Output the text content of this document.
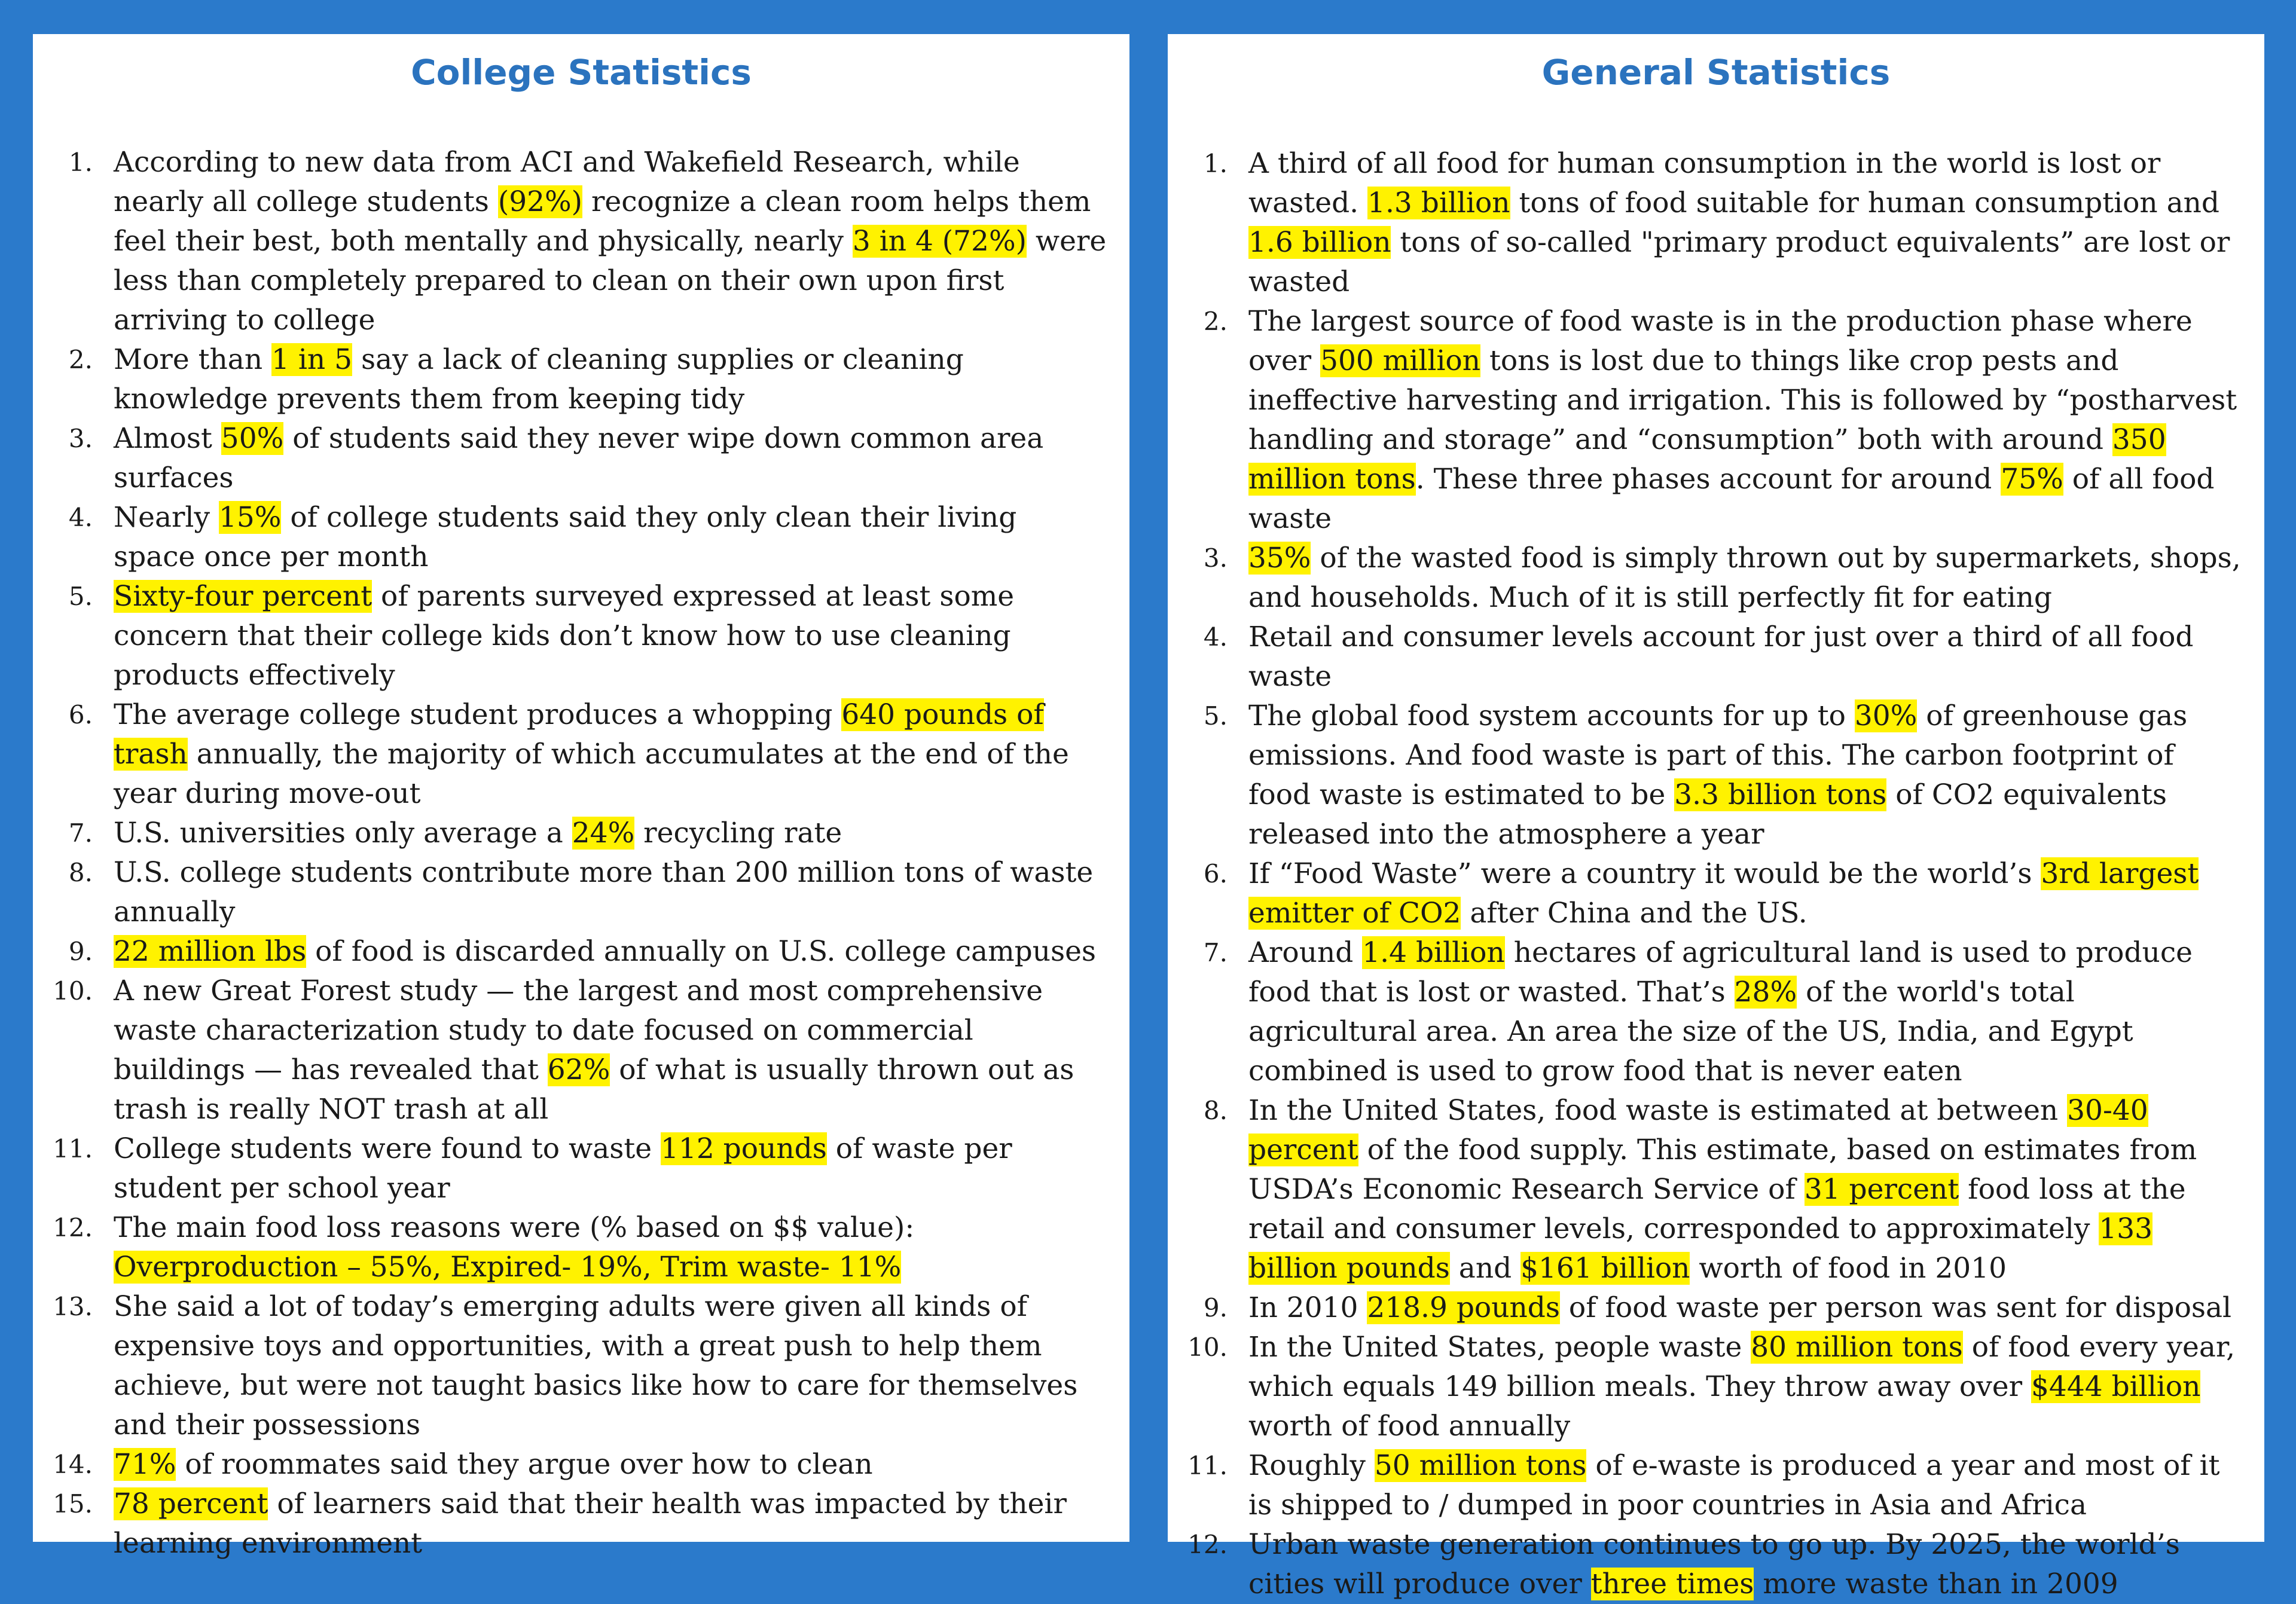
College Statistics
1. According to new data from ACI and Wakefield Research, while nearly all college students (92%) recognize a clean room helps them feel their best, both mentally and physically, nearly 3 in 4 (72%) were less than completely prepared to clean on their own upon first arriving to college
2. More than 1 in 5 say a lack of cleaning supplies or cleaning knowledge prevents them from keeping tidy
3. Almost 50% of students said they never wipe down common area surfaces
4. Nearly 15% of college students said they only clean their living space once per month
5. Sixty-four percent of parents surveyed expressed at least some concern that their college kids don’t know how to use cleaning products effectively
6. The average college student produces a whopping 640 pounds of trash annually, the majority of which accumulates at the end of the year during move-out
7. U.S. universities only average a 24% recycling rate
8. U.S. college students contribute more than 200 million tons of waste annually
9. 22 million lbs of food is discarded annually on U.S. college campuses
10. A new Great Forest study — the largest and most comprehensive waste characterization study to date focused on commercial buildings — has revealed that 62% of what is usually thrown out as trash is really NOT trash at all
11. College students were found to waste 112 pounds of waste per student per school year
12. The main food loss reasons were (% based on $$ value): Overproduction – 55%, Expired- 19%, Trim waste- 11%
13. She said a lot of today’s emerging adults were given all kinds of expensive toys and opportunities, with a great push to help them achieve, but were not taught basics like how to care for themselves and their possessions
14. 71% of roommates said they argue over how to clean
15. 78 percent of learners said that their health was impacted by their learning environment
General Statistics
1. A third of all food for human consumption in the world is lost or wasted. 1.3 billion tons of food suitable for human consumption and 1.6 billion tons of so-called "primary product equivalents” are lost or wasted
2. The largest source of food waste is in the production phase where over 500 million tons is lost due to things like crop pests and ineffective harvesting and irrigation. This is followed by “postharvest handling and storage” and “consumption” both with around 350 million tons. These three phases account for around 75% of all food waste
3. 35% of the wasted food is simply thrown out by supermarkets, shops, and households. Much of it is still perfectly fit for eating
4. Retail and consumer levels account for just over a third of all food waste
5. The global food system accounts for up to 30% of greenhouse gas emissions. And food waste is part of this. The carbon footprint of food waste is estimated to be 3.3 billion tons of CO2 equivalents released into the atmosphere a year
6. If “Food Waste” were a country it would be the world’s 3rd largest emitter of CO2 after China and the US.
7. Around 1.4 billion hectares of agricultural land is used to produce food that is lost or wasted. That’s 28% of the world's total agricultural area. An area the size of the US, India, and Egypt combined is used to grow food that is never eaten
8. In the United States, food waste is estimated at between 30-40 percent of the food supply. This estimate, based on estimates from USDA’s Economic Research Service of 31 percent food loss at the retail and consumer levels, corresponded to approximately 133 billion pounds and $161 billion worth of food in 2010
9. In 2010 218.9 pounds of food waste per person was sent for disposal
10. In the United States, people waste 80 million tons of food every year, which equals 149 billion meals. They throw away over $444 billion worth of food annually
11. Roughly 50 million tons of e-waste is produced a year and most of it is shipped to / dumped in poor countries in Asia and Africa
12. Urban waste generation continues to go up. By 2025, the world’s cities will produce over three times more waste than in 2009
